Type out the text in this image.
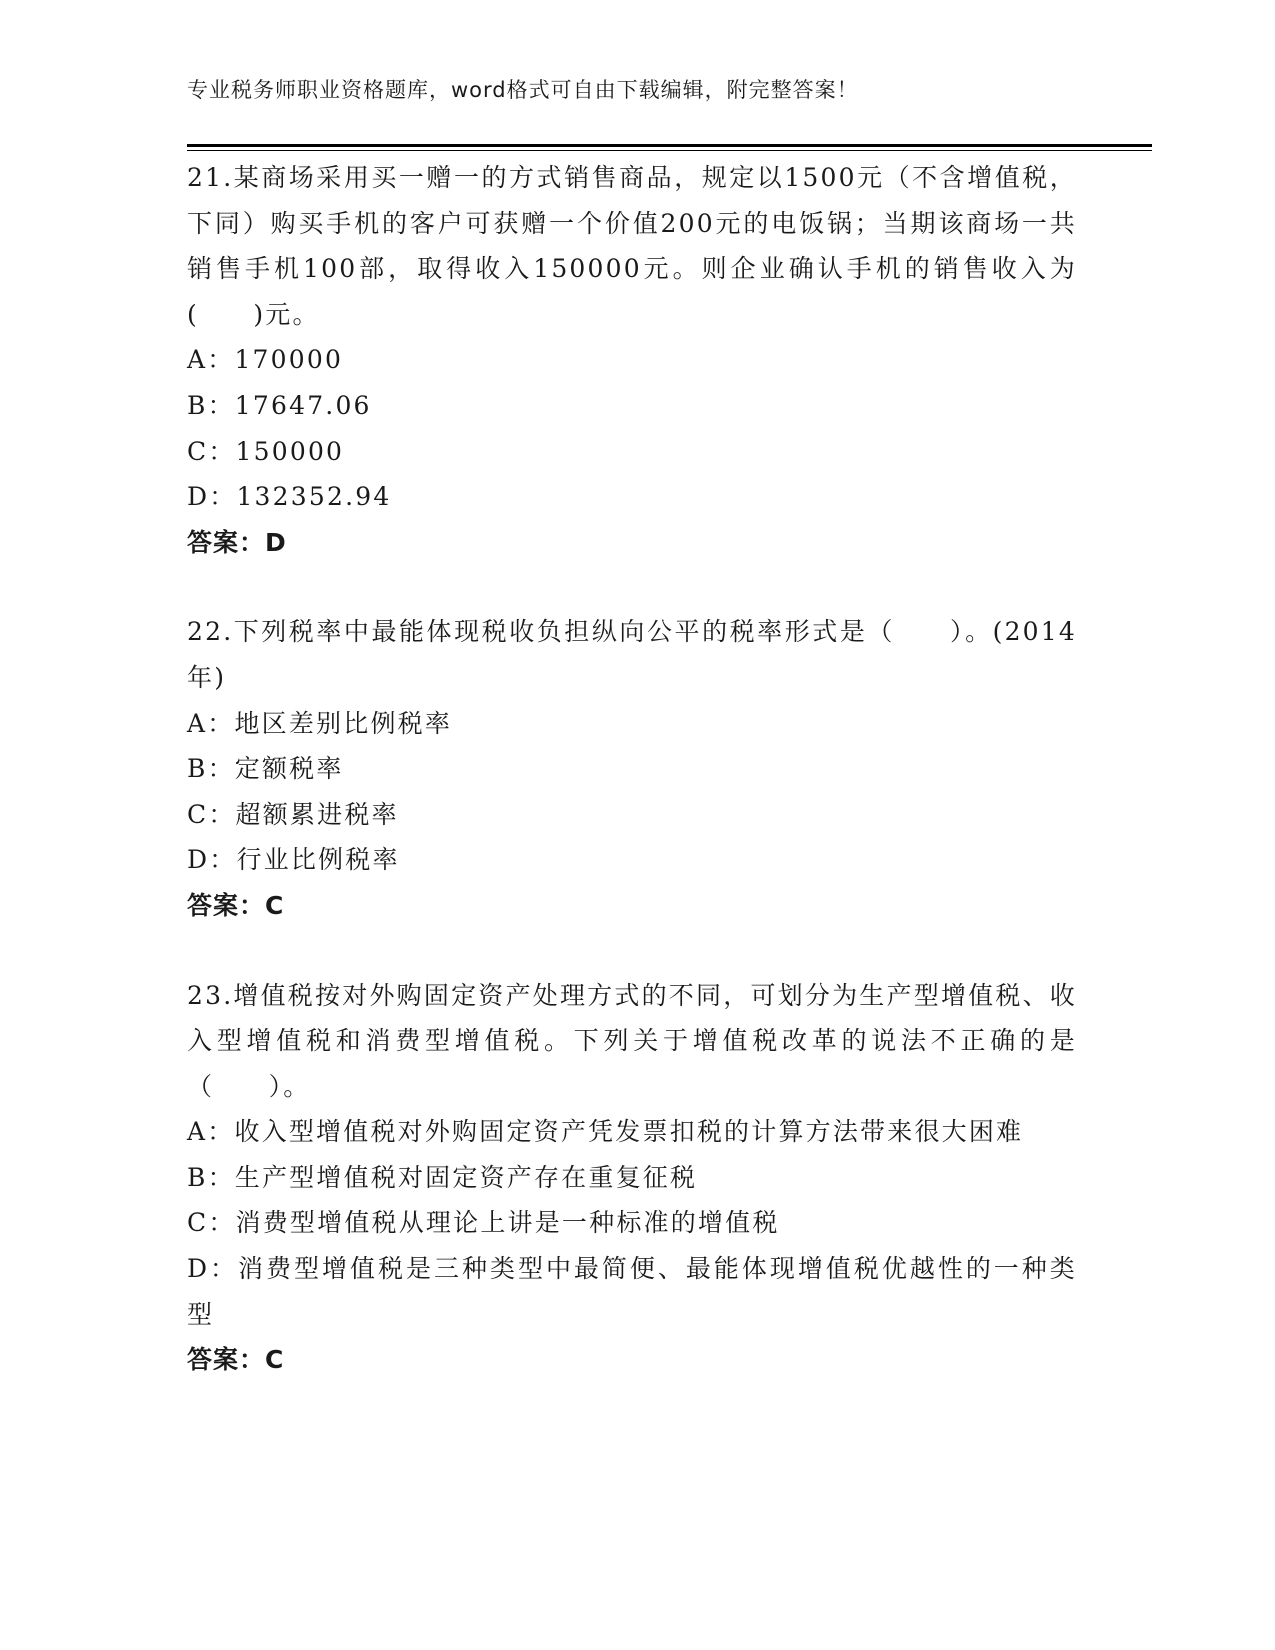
专业税务师职业资格题库，word格式可自由下载编辑，附完整答案！
21.某商场采用买一赠一的方式销售商品，规定以1500元（不含增值税，下同）购买手机的客户可获赠一个价值200元的电饭锅；当期该商场一共销售手机100部，取得收入150000元。则企业确认手机的销售收入为(　　)元。
A：170000
B：17647.06
C：150000
D：132352.94
答案：D
22.下列税率中最能体现税收负担纵向公平的税率形式是（　　）。(2014年)
A：地区差别比例税率
B：定额税率
C：超额累进税率
D：行业比例税率
答案：C
23.增值税按对外购固定资产处理方式的不同，可划分为生产型增值税、收入型增值税和消费型增值税。下列关于增值税改革的说法不正确的是（　　）。
A：收入型增值税对外购固定资产凭发票扣税的计算方法带来很大困难
B：生产型增值税对固定资产存在重复征税
C：消费型增值税从理论上讲是一种标准的增值税
D：消费型增值税是三种类型中最简便、最能体现增值税优越性的一种类型
答案：C
